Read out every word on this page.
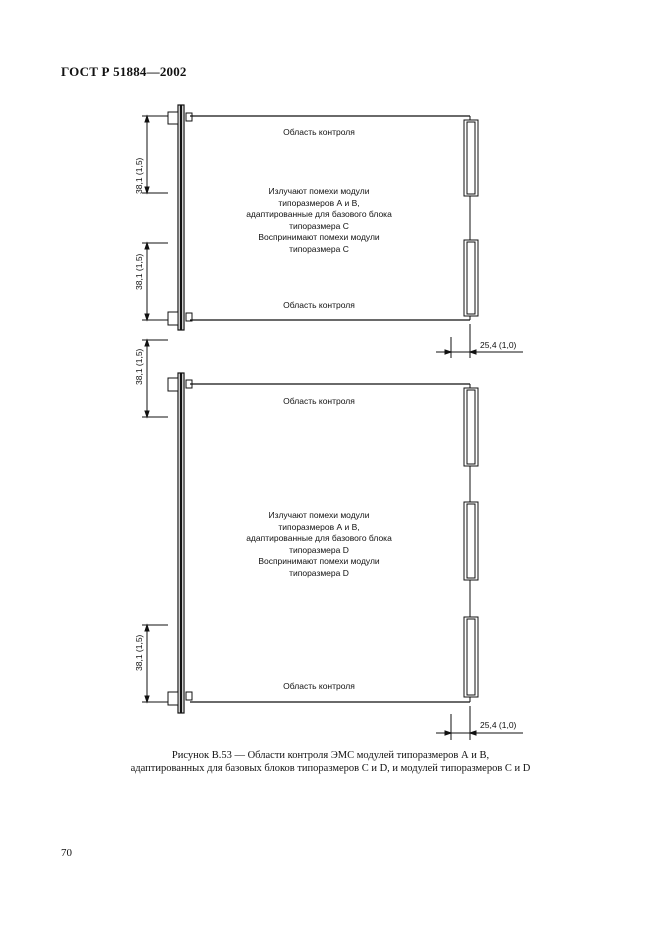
ГОСТ Р 51884—2002
Область контроля
Излучают помехи модули
типоразмеров А и В,
адаптированные для базового блока
типоразмера С
Воспринимают помехи модули
типоразмера С
Область контроля
38,1 (1,5)
38,1 (1,5)
25,4 (1,0)
Область контроля
Излучают помехи модули
типоразмеров А и В,
адаптированные для базового блока
типоразмера D
Воспринимают помехи модули
типоразмера D
Область контроля
38,1 (1,5)
38,1 (1,5)
25,4 (1,0)
Рисунок В.53 — Области контроля ЭМС модулей типоразмеров А и В,
адаптированных для базовых блоков типоразмеров С и D, и модулей типоразмеров С и D
70
